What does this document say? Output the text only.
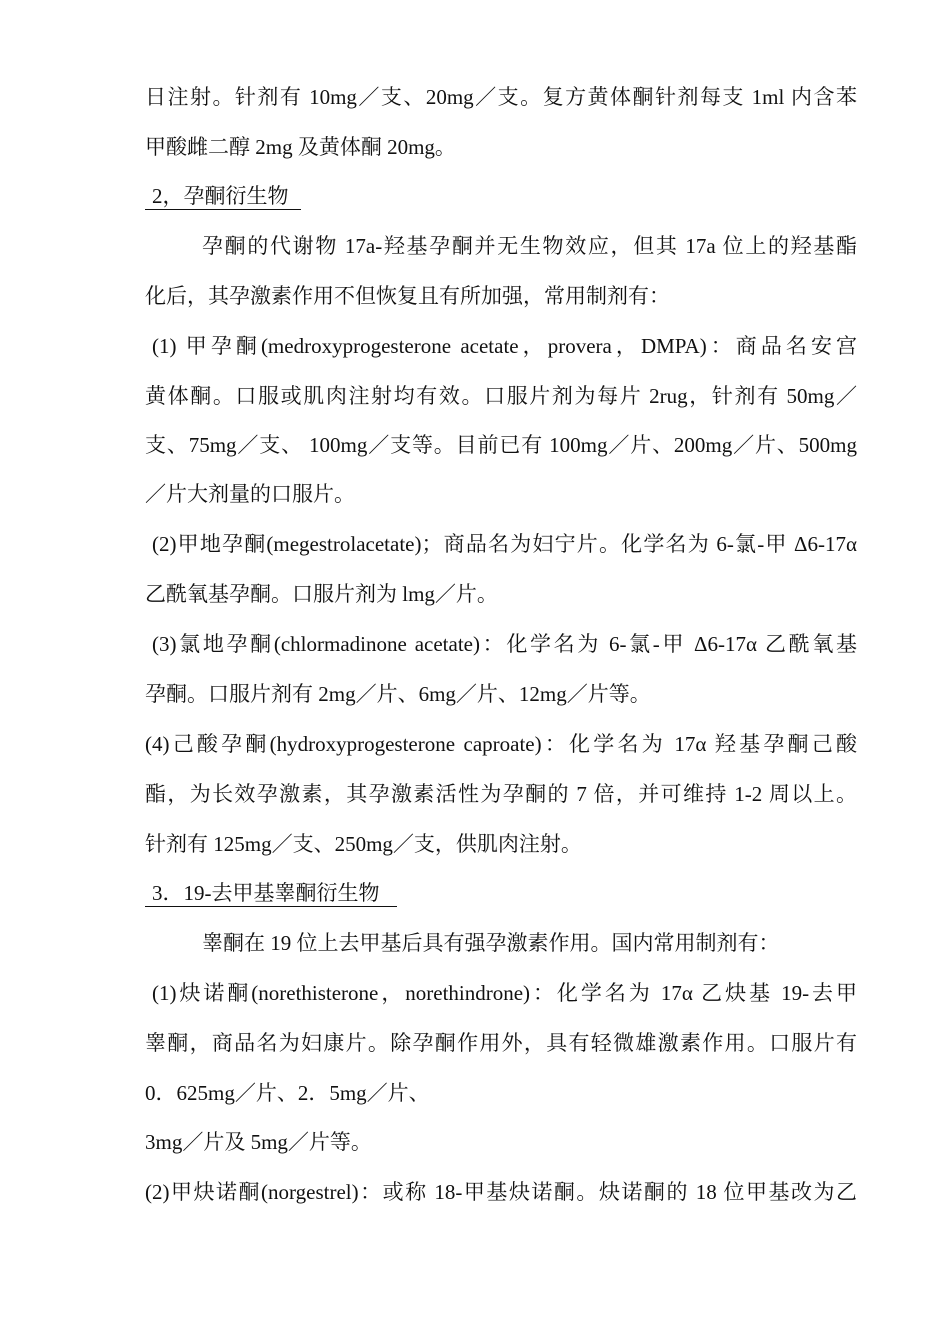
日注射。针剂有 10mg／支、20mg／支。复方黄体酮针剂每支 1ml 内含苯
甲酸雌二醇 2mg 及黄体酮 20mg。
2，孕酮衍生物
孕酮的代谢物 17a-羟基孕酮并无生物效应，但其 17a 位上的羟基酯
化后，其孕激素作用不但恢复且有所加强，常用制剂有：
(1) 甲孕酮(medroxyprogesterone acetate，provera，DMPA)：商品名安宫
黄体酮。口服或肌肉注射均有效。口服片剂为每片 2rug，针剂有 50mg／
支、75mg／支、 100mg／支等。目前已有 100mg／片、200mg／片、500mg
／片大剂量的口服片。
(2)甲地孕酮(megestrolacetate)；商品名为妇宁片。化学名为 6-氯-甲 Δ6-17α
乙酰氧基孕酮。口服片剂为 lmg／片。
(3)氯地孕酮(chlormadinone acetate)：化学名为 6-氯-甲 Δ6-17α 乙酰氧基
孕酮。口服片剂有 2mg／片、6mg／片、12mg／片等。
(4)己酸孕酮(hydroxyprogesterone caproate)：化学名为 17α 羟基孕酮己酸
酯，为长效孕激素，其孕激素活性为孕酮的 7 倍，并可维持 1-2 周以上。
针剂有 125mg／支、250mg／支，供肌肉注射。
3．19-去甲基睾酮衍生物
睾酮在 19 位上去甲基后具有强孕激素作用。国内常用制剂有：
(1)炔诺酮(norethisterone，norethindrone)：化学名为 17α 乙炔基 19-去甲
睾酮，商品名为妇康片。除孕酮作用外，具有轻微雄激素作用。口服片有
0．625mg／片、2．5mg／片、
3mg／片及 5mg／片等。
(2)甲炔诺酮(norgestrel)：或称 18-甲基炔诺酮。炔诺酮的 18 位甲基改为乙
